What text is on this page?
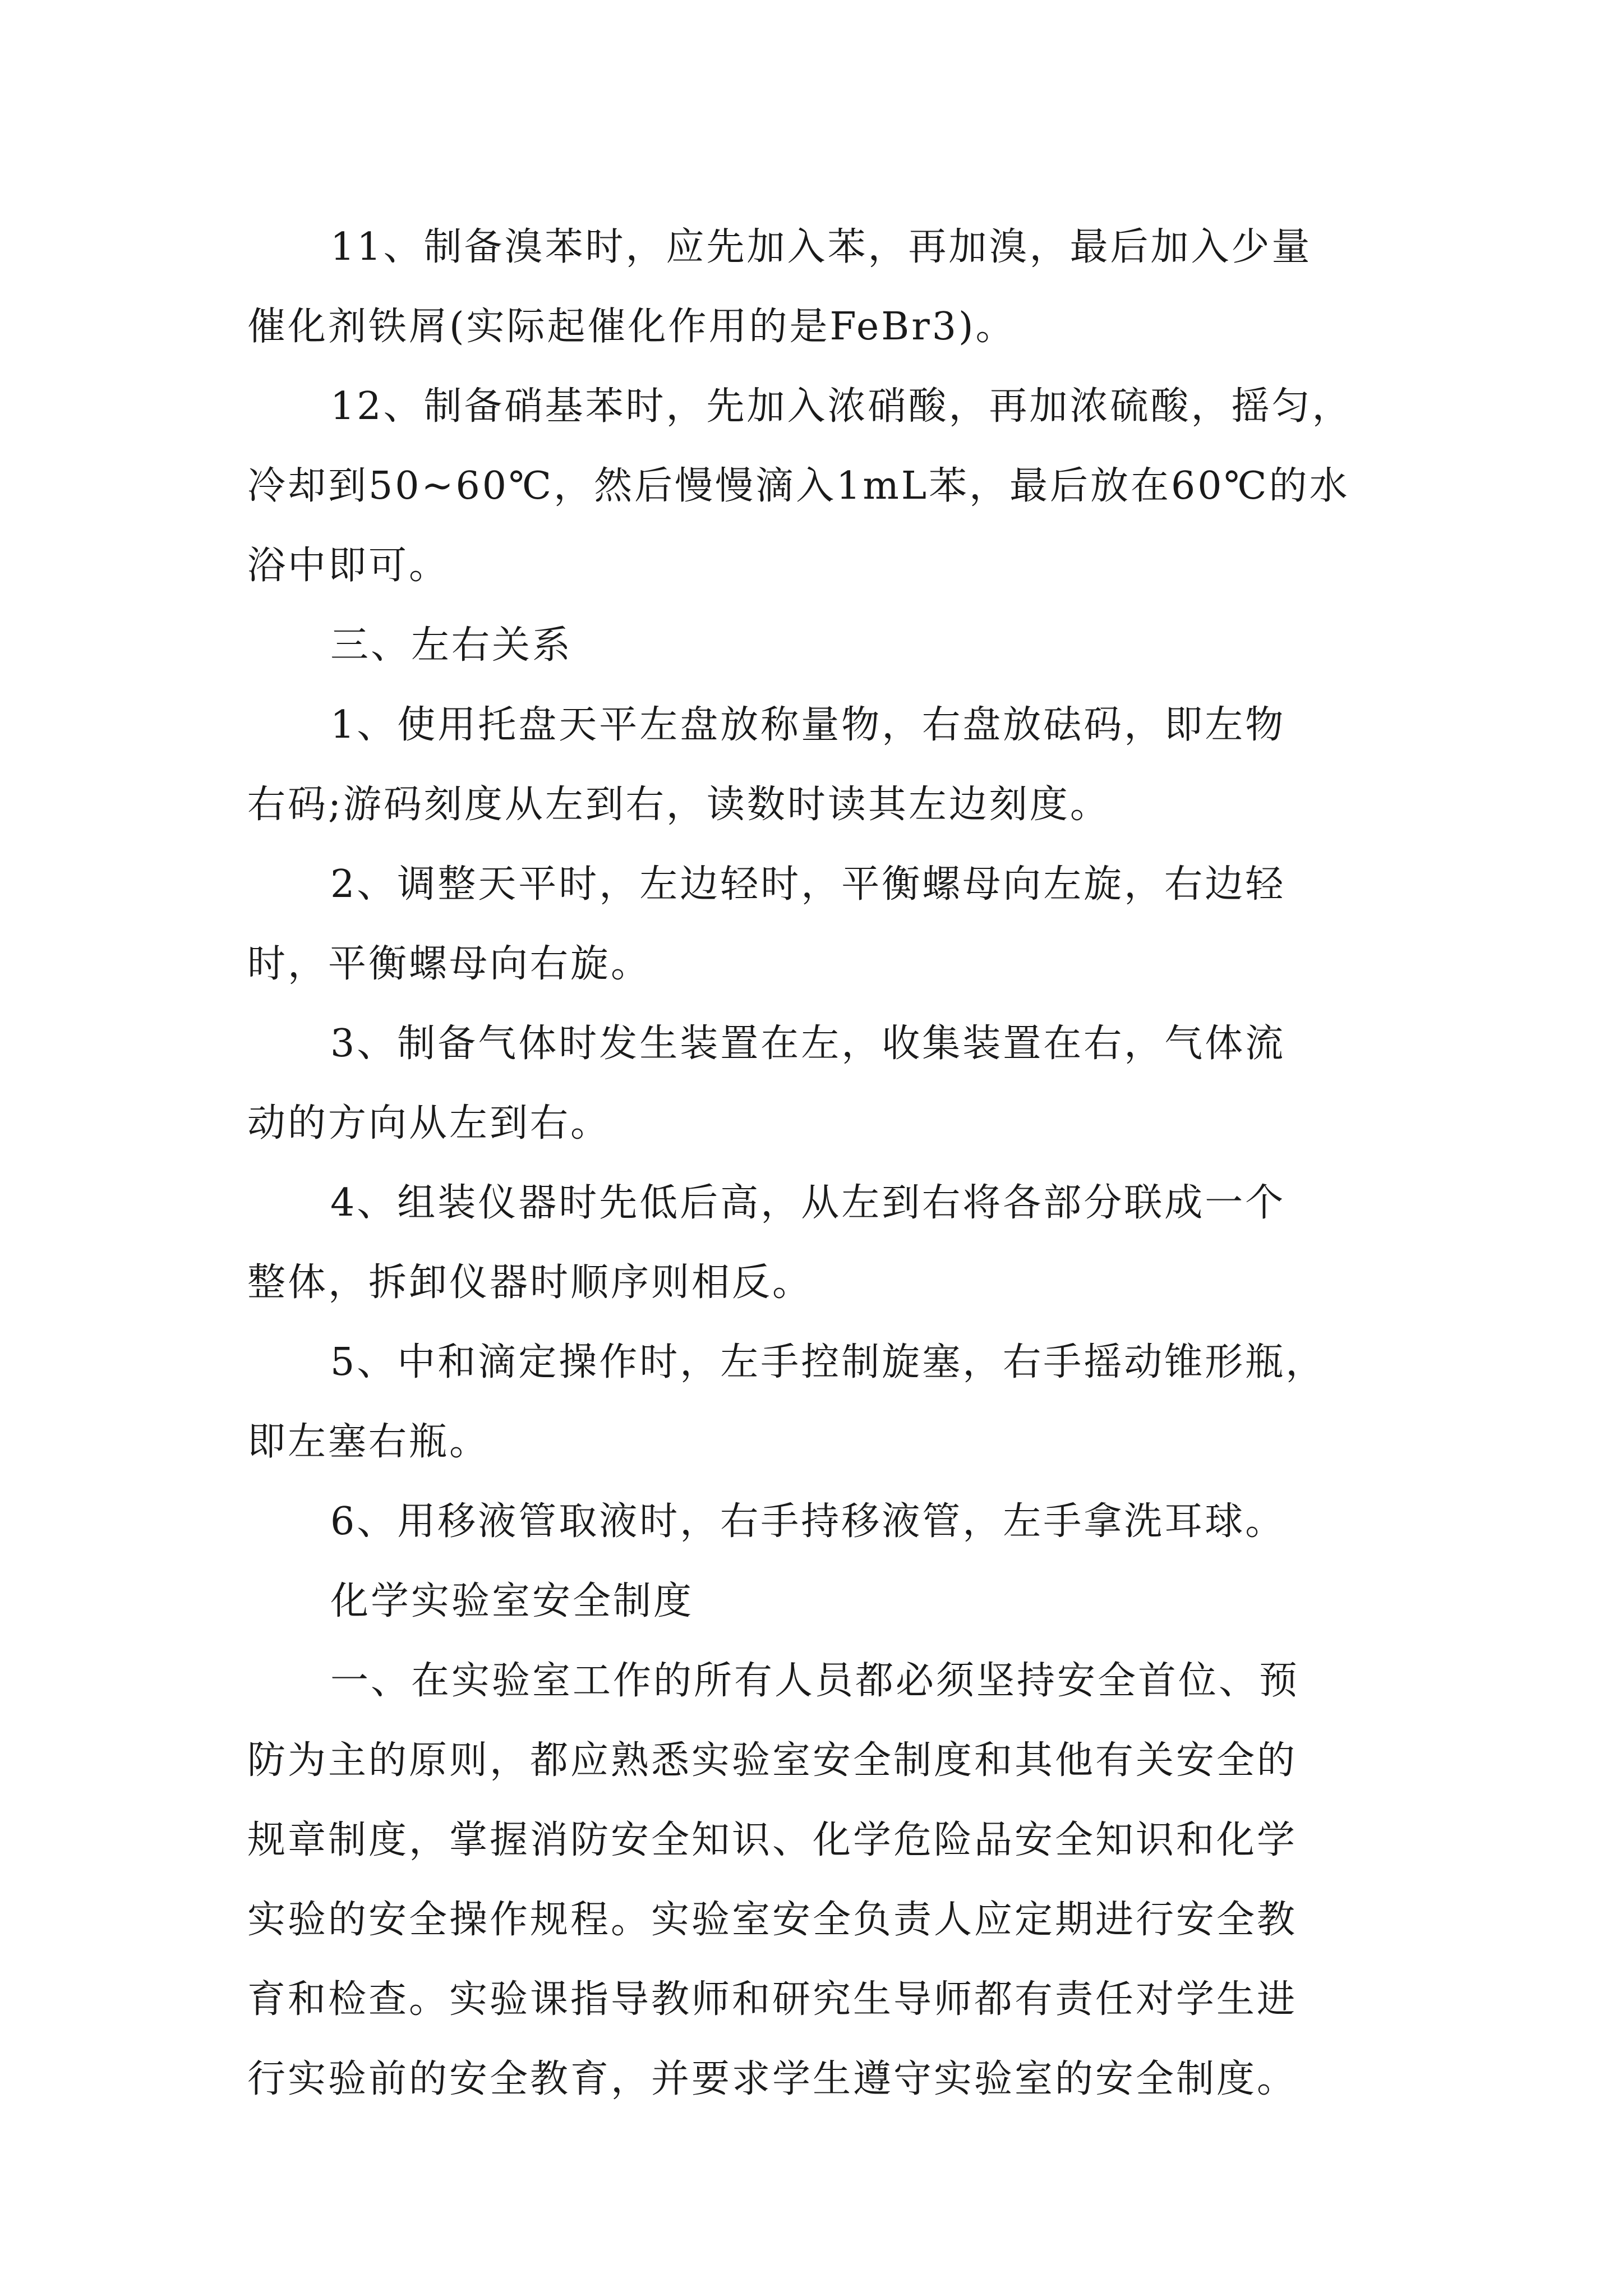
11、制备溴苯时，应先加入苯，再加溴，最后加入少量
催化剂铁屑(实际起催化作用的是FeBr3)。
12、制备硝基苯时，先加入浓硝酸，再加浓硫酸，摇匀，
冷却到50~60℃，然后慢慢滴入1mL苯，最后放在60℃的水
浴中即可。
三、左右关系
1、使用托盘天平左盘放称量物，右盘放砝码，即左物
右码;游码刻度从左到右，读数时读其左边刻度。
2、调整天平时，左边轻时，平衡螺母向左旋，右边轻
时，平衡螺母向右旋。
3、制备气体时发生装置在左，收集装置在右，气体流
动的方向从左到右。
4、组装仪器时先低后高，从左到右将各部分联成一个
整体，拆卸仪器时顺序则相反。
5、中和滴定操作时，左手控制旋塞，右手摇动锥形瓶，
即左塞右瓶。
6、用移液管取液时，右手持移液管，左手拿洗耳球。
化学实验室安全制度
一、在实验室工作的所有人员都必须坚持安全首位、预
防为主的原则，都应熟悉实验室安全制度和其他有关安全的
规章制度，掌握消防安全知识、化学危险品安全知识和化学
实验的安全操作规程。实验室安全负责人应定期进行安全教
育和检查。实验课指导教师和研究生导师都有责任对学生进
行实验前的安全教育，并要求学生遵守实验室的安全制度。
